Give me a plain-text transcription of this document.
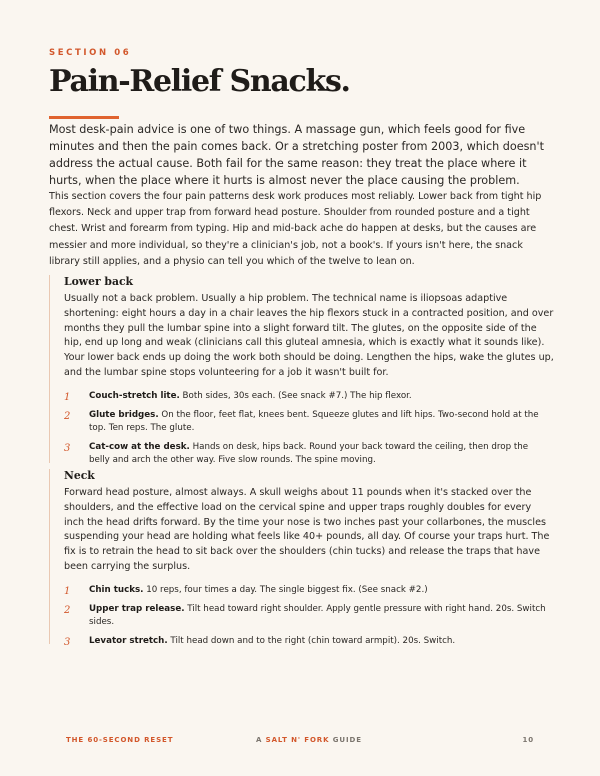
SECTION 06
Pain-Relief Snacks.

Most desk-pain advice is one of two things. A massage gun, which feels good for five minutes and then the pain comes back. Or a stretching poster from 2003, which doesn't address the actual cause. Both fail for the same reason: they treat the place where it hurts, when the place where it hurts is almost never the place causing the problem.

This section covers the four pain patterns desk work produces most reliably. Lower back from tight hip flexors. Neck and upper trap from forward head posture. Shoulder from rounded posture and a tight chest. Wrist and forearm from typing. Hip and mid-back ache do happen at desks, but the causes are messier and more individual, so they're a clinician's job, not a book's. If yours isn't here, the snack library still applies, and a physio can tell you which of the twelve to lean on.

Lower back

Usually not a back problem. Usually a hip problem. The technical name is iliopsoas adaptive shortening: eight hours a day in a chair leaves the hip flexors stuck in a contracted position, and over months they pull the lumbar spine into a slight forward tilt. The glutes, on the opposite side of the hip, end up long and weak (clinicians call this gluteal amnesia, which is exactly what it sounds like). Your lower back ends up doing the work both should be doing. Lengthen the hips, wake the glutes up, and the lumbar spine stops volunteering for a job it wasn't built for.

1 Couch-stretch lite. Both sides, 30s each. (See snack #7.) The hip flexor.
2 Glute bridges. On the floor, feet flat, knees bent. Squeeze glutes and lift hips. Two-second hold at the top. Ten reps. The glute.
3 Cat-cow at the desk. Hands on desk, hips back. Round your back toward the ceiling, then drop the belly and arch the other way. Five slow rounds. The spine moving.
Neck

Forward head posture, almost always. A skull weighs about 11 pounds when it's stacked over the shoulders, and the effective load on the cervical spine and upper traps roughly doubles for every inch the head drifts forward. By the time your nose is two inches past your collarbones, the muscles suspending your head are holding what feels like 40+ pounds, all day. Of course your traps hurt. The fix is to retrain the head to sit back over the shoulders (chin tucks) and release the traps that have been carrying the surplus.

1 Chin tucks. 10 reps, four times a day. The single biggest fix. (See snack #2.)
2 Upper trap release. Tilt head toward right shoulder. Apply gentle pressure with right hand. 20s. Switch sides.
3 Levator stretch. Tilt head down and to the right (chin toward armpit). 20s. Switch.
THE 60-SECOND RESET	A SALT N' FORK GUIDE	10
